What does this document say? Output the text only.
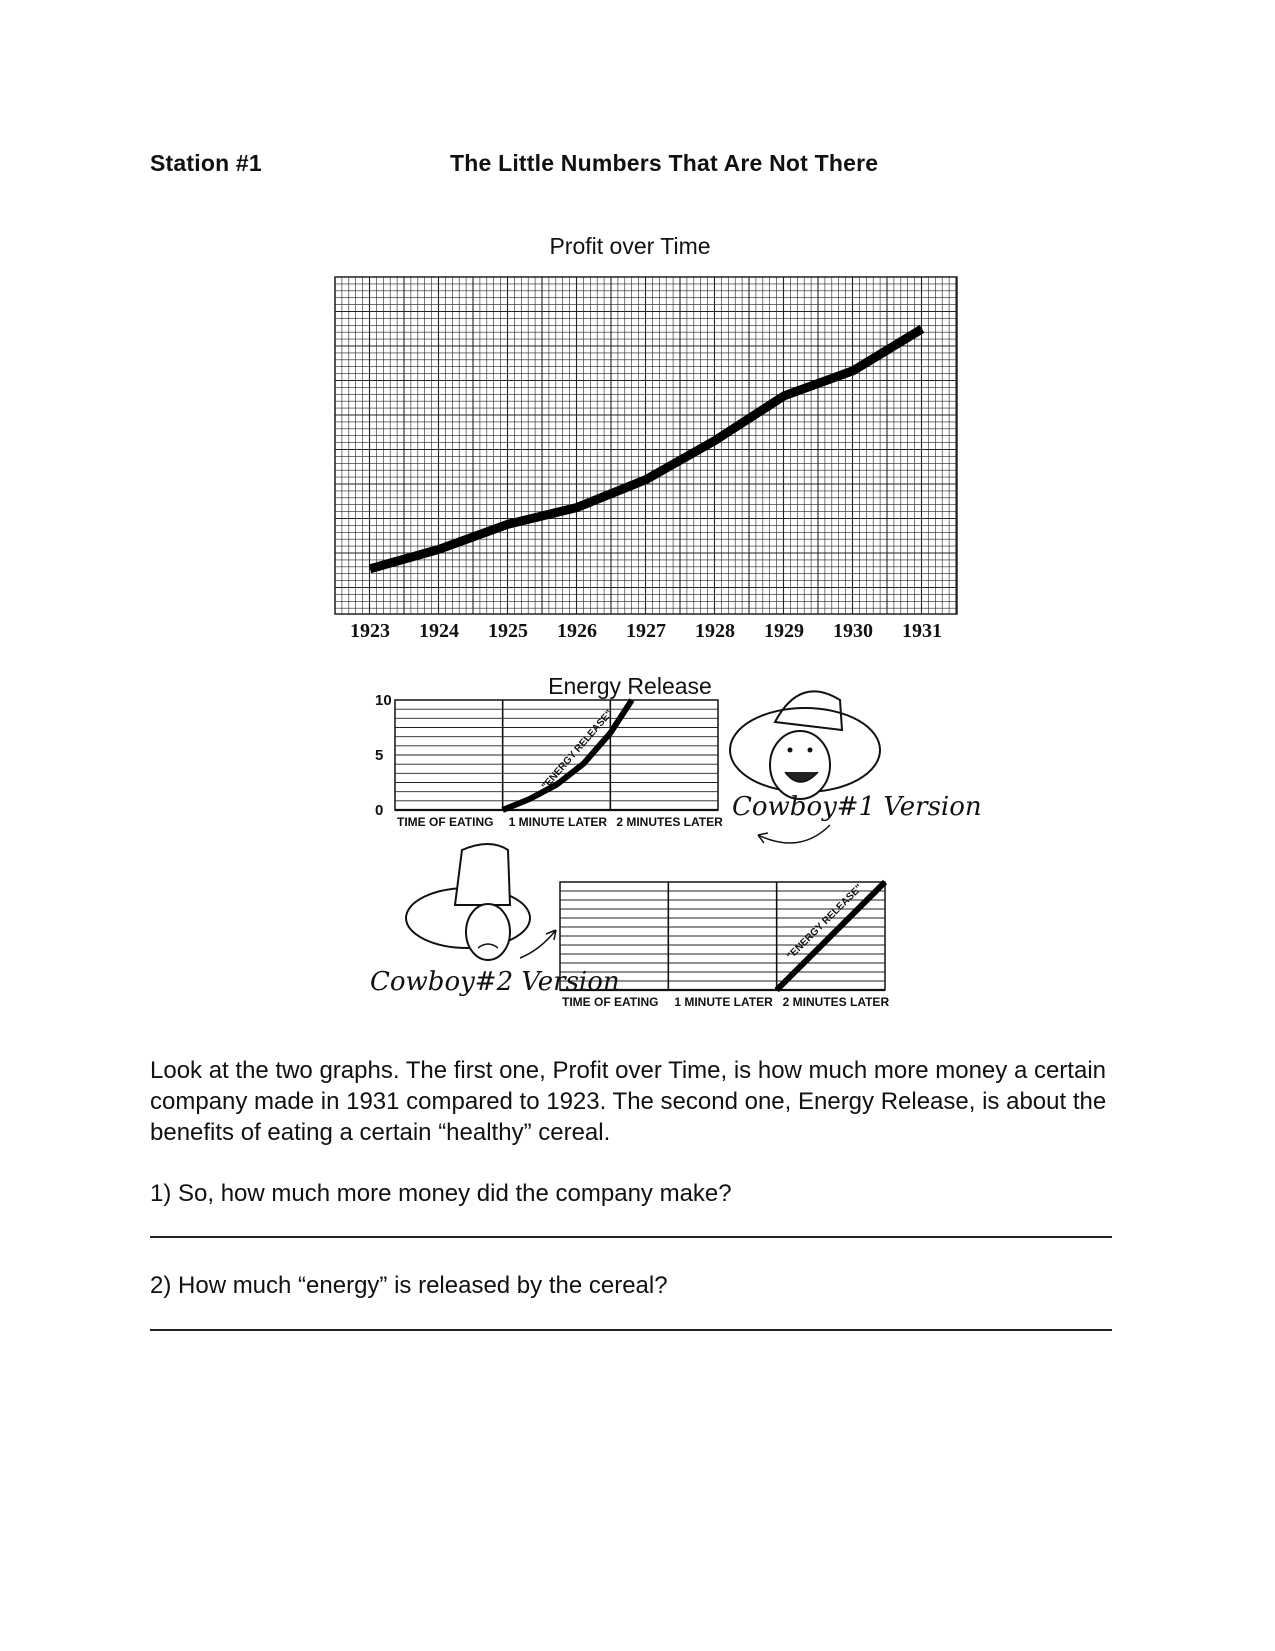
Station #1	The Little Numbers That Are Not There
Profit over Time
1923 1924 1925 1926 1927 1928 1929 1930 1931
Energy Release
TIME OF EATING 1 MINUTE LATER 2 MINUTES LATER
0
5
10
"ENERGY RELEASE"
TIME OF EATING 1 MINUTE LATER 2 MINUTES LATER
"ENERGY RELEASE"
Cowboy#1 Version
Cowboy#2 Version
Look at the two graphs. The first one, Profit over Time, is how much more money a certain company made in 1931 compared to 1923. The second one, Energy Release, is about the benefits of eating a certain “healthy” cereal.
1) So, how much more money did the company make?
2) How much “energy” is released by the cereal?
